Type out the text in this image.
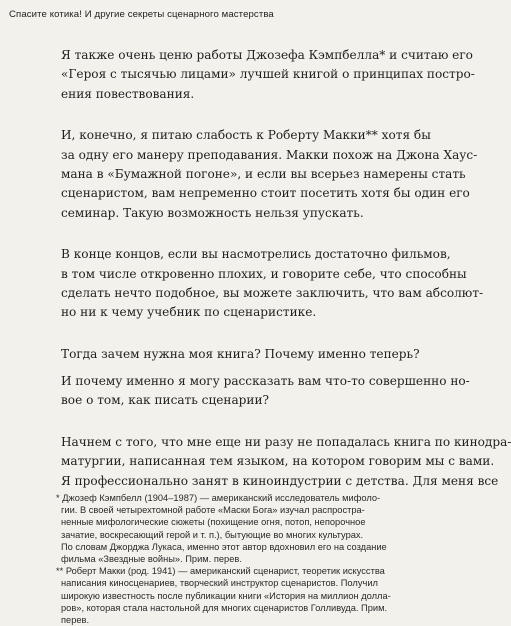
Спасите котика! И другие секреты сценарного мастерства
Я также очень ценю работы Джозефа Кэмпбелла* и считаю его
«Героя с тысячью лицами» лучшей книгой о принципах постро-
ения повествования.
И, конечно, я питаю слабость к Роберту Макки** хотя бы
за одну его манеру преподавания. Макки похож на Джона Хаус-
мана в «Бумажной погоне», и если вы всерьез намерены стать
сценаристом, вам непременно стоит посетить хотя бы один его
семинар. Такую возможность нельзя упускать.
В конце концов, если вы насмотрелись достаточно фильмов,
в том числе откровенно плохих, и говорите себе, что способны
сделать нечто подобное, вы можете заключить, что вам абсолют-
но ни к чему учебник по сценаристике.
Тогда зачем нужна моя книга? Почему именно теперь?
И почему именно я могу рассказать вам что-то совершенно но-
вое о том, как писать сценарии?
Начнем с того, что мне еще ни разу не попадалась книга по кинодра-
матургии, написанная тем языком, на котором говорим мы с вами.
Я профессионально занят в киноиндустрии с детства. Для меня все
* Джозеф Кэмпбелл (1904–1987) — американский исследователь мифоло-
гии. В своей четырехтомной работе «Маски Бога» изучал распростра-
ненные мифологические сюжеты (похищение огня, потоп, непорочное
зачатие, воскресающий герой и т. п.), бытующие во многих культурах.
По словам Джорджа Лукаса, именно этот автор вдохновил его на создание
фильма «Звездные войны». Прим. перев.
** Роберт Макки (род. 1941) — американский сценарист, теоретик искусства
написания киносценариев, творческий инструктор сценаристов. Получил
широкую известность после публикации книги «История на миллион долла-
ров», которая стала настольной для многих сценаристов Голливуда. Прим.
перев.
